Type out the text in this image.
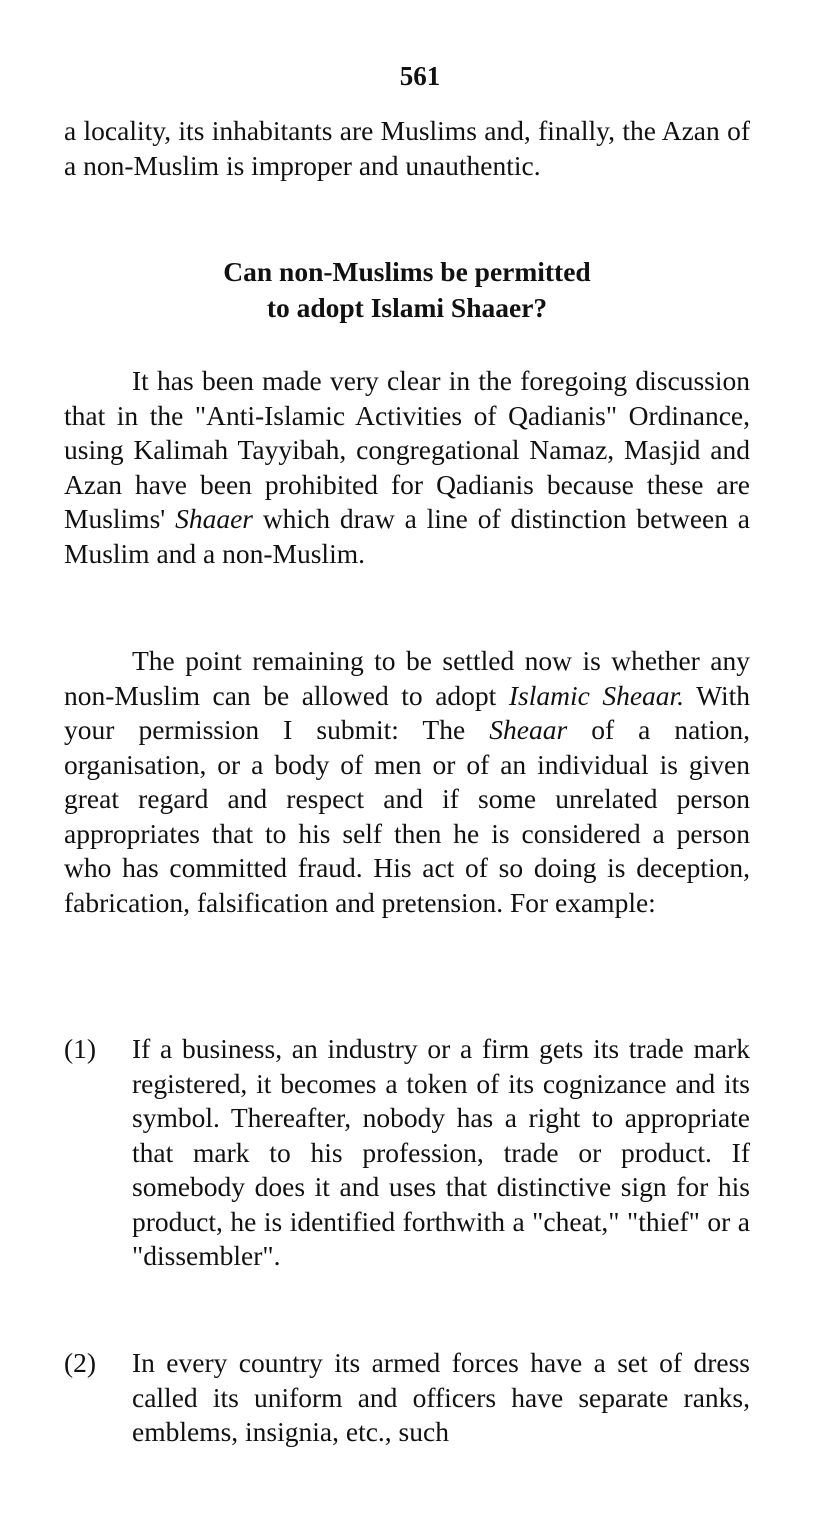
561

a locality, its inhabitants are Muslims and, finally, the Azan of a non-Muslim is improper and unauthentic.

Can non-Muslims be permitted
to adopt Islami Shaaer?

It has been made very clear in the foregoing discussion that in the "Anti-Islamic Activities of Qadianis" Ordinance, using Kalimah Tayyibah, congregational Namaz, Masjid and Azan have been prohibited for Qadianis because these are Muslims' Shaaer which draw a line of distinction between a Muslim and a non-Muslim.

The point remaining to be settled now is whether any non-Muslim can be allowed to adopt Islamic Sheaar. With your permission I submit: The Sheaar of a nation, organisation, or a body of men or of an individual is given great regard and respect and if some unrelated person appropriates that to his self then he is considered a person who has committed fraud. His act of so doing is deception, fabrication, falsification and pretension. For example:

(1)	If a business, an industry or a firm gets its trade mark registered, it becomes a token of its cognizance and its symbol. Thereafter, nobody has a right to appropriate that mark to his profession, trade or product. If somebody does it and uses that distinctive sign for his product, he is identified forthwith a "cheat," "thief" or a "dissembler".

(2)	In every country its armed forces have a set of dress called its uniform and officers have separate ranks, emblems, insignia, etc., such
